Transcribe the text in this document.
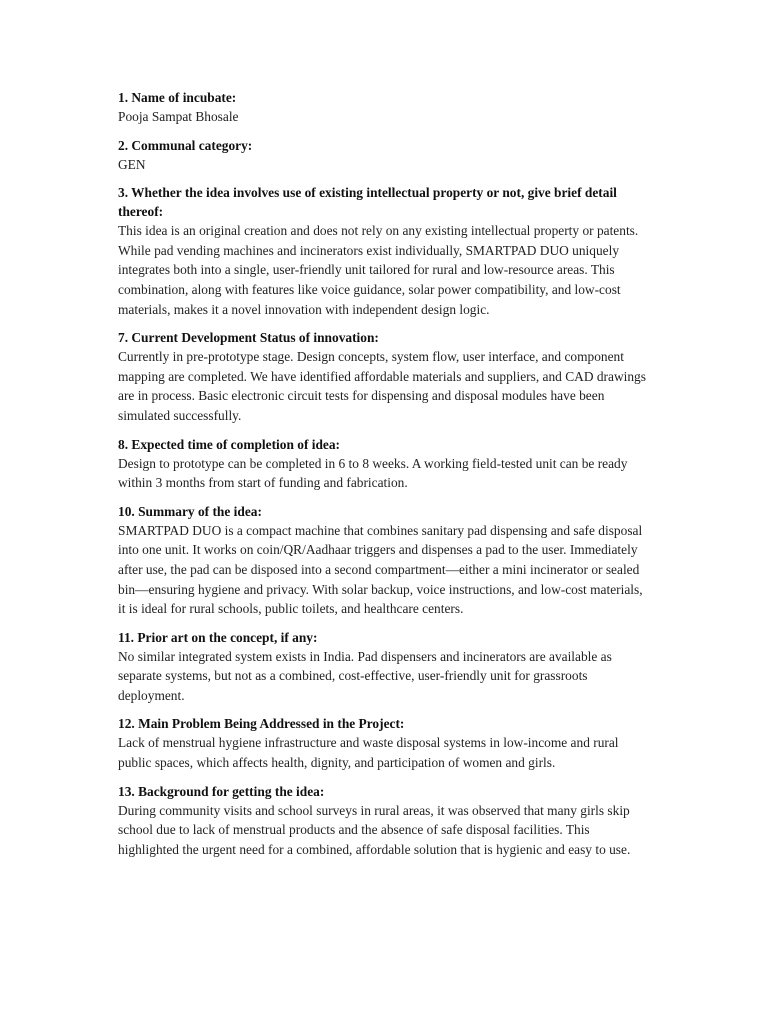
1. Name of incubate:

Pooja Sampat Bhosale

2. Communal category:

GEN

3. Whether the idea involves use of existing intellectual property or not, give brief detail thereof:

This idea is an original creation and does not rely on any existing intellectual property or patents. While pad vending machines and incinerators exist individually, SMARTPAD DUO uniquely integrates both into a single, user-friendly unit tailored for rural and low-resource areas. This combination, along with features like voice guidance, solar power compatibility, and low-cost materials, makes it a novel innovation with independent design logic.

7. Current Development Status of innovation:

Currently in pre-prototype stage. Design concepts, system flow, user interface, and component mapping are completed. We have identified affordable materials and suppliers, and CAD drawings are in process. Basic electronic circuit tests for dispensing and disposal modules have been simulated successfully.

8. Expected time of completion of idea:

Design to prototype can be completed in 6 to 8 weeks. A working field-tested unit can be ready within 3 months from start of funding and fabrication.

10. Summary of the idea:

SMARTPAD DUO is a compact machine that combines sanitary pad dispensing and safe disposal into one unit. It works on coin/QR/Aadhaar triggers and dispenses a pad to the user. Immediately after use, the pad can be disposed into a second compartment—either a mini incinerator or sealed bin—ensuring hygiene and privacy. With solar backup, voice instructions, and low-cost materials, it is ideal for rural schools, public toilets, and healthcare centers.

11. Prior art on the concept, if any:

No similar integrated system exists in India. Pad dispensers and incinerators are available as separate systems, but not as a combined, cost-effective, user-friendly unit for grassroots deployment.

12. Main Problem Being Addressed in the Project:

Lack of menstrual hygiene infrastructure and waste disposal systems in low-income and rural public spaces, which affects health, dignity, and participation of women and girls.

13. Background for getting the idea:

During community visits and school surveys in rural areas, it was observed that many girls skip school due to lack of menstrual products and the absence of safe disposal facilities. This highlighted the urgent need for a combined, affordable solution that is hygienic and easy to use.
